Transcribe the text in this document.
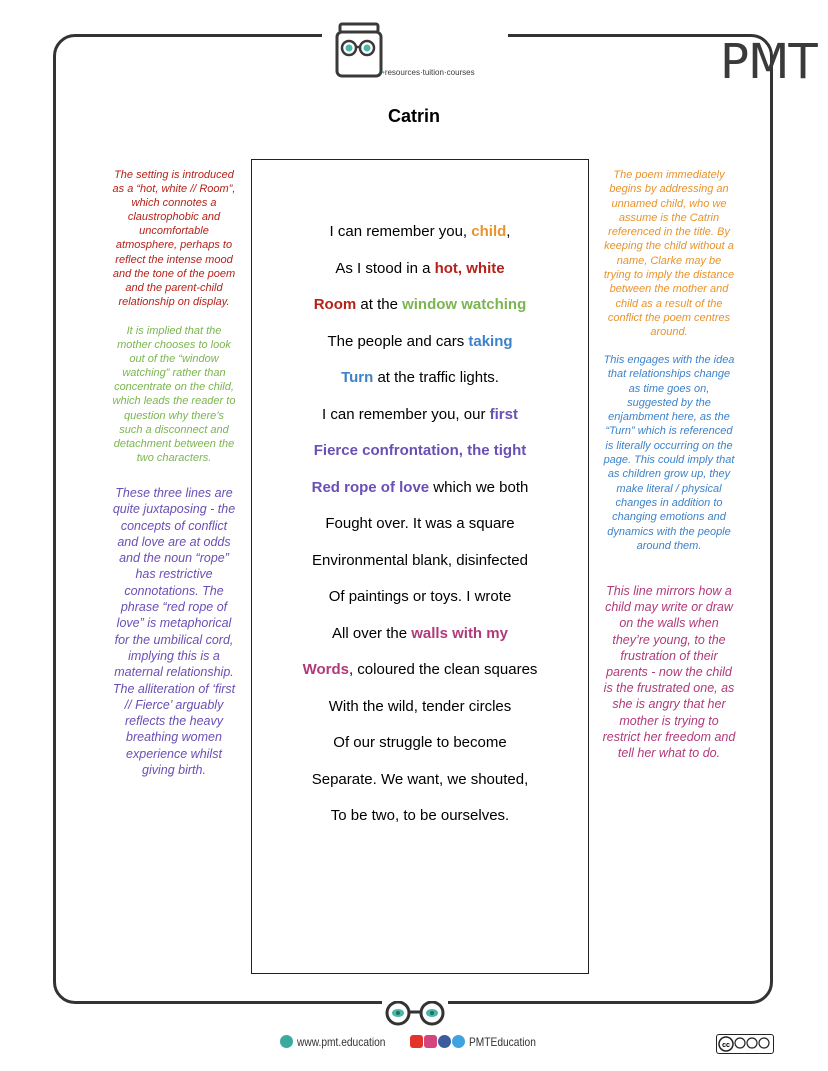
PMT
•resources·tuition·courses
Catrin
I can remember you, child,
As I stood in a hot, white
Room at the window watching
The people and cars taking
Turn at the traffic lights.
I can remember you, our first
Fierce confrontation, the tight
Red rope of love which we both
Fought over. It was a square
Environmental blank, disinfected
Of paintings or toys. I wrote
All over the walls with my
Words, coloured the clean squares
With the wild, tender circles
Of our struggle to become
Separate. We want, we shouted,
To be two, to be ourselves.
The setting is introduced
as a “hot, white // Room”,
which connotes a
claustrophobic and
uncomfortable
atmosphere, perhaps to
reflect the intense mood
and the tone of the poem
and the parent-child
relationship on display.
It is implied that the
mother chooses to look
out of the “window
watching” rather than
concentrate on the child,
which leads the reader to
question why there’s
such a disconnect and
detachment between the
two characters.
These three lines are
quite juxtaposing - the
concepts of conflict
and love are at odds
and the noun “rope”
has restrictive
connotations. The
phrase “red rope of
love” is metaphorical
for the umbilical cord,
implying this is a
maternal relationship.
The alliteration of ‘first
// Fierce’ arguably
reflects the heavy
breathing women
experience whilst
giving birth.
The poem immediately
begins by addressing an
unnamed child, who we
assume is the Catrin
referenced in the title. By
keeping the child without a
name, Clarke may be
trying to imply the distance
between the mother and
child as a result of the
conflict the poem centres
around.
This engages with the idea
that relationships change
as time goes on,
suggested by the
enjambment here, as the
“Turn” which is referenced
is literally occurring on the
page. This could imply that
as children grow up, they
make literal / physical
changes in addition to
changing emotions and
dynamics with the people
around them.
This line mirrors how a
child may write or draw
on the walls when
they’re young, to the
frustration of their
parents - now the child
is the frustrated one, as
she is angry that her
mother is trying to
restrict her freedom and
tell her what to do.
www.pmt.education	PMTEducation	cc
